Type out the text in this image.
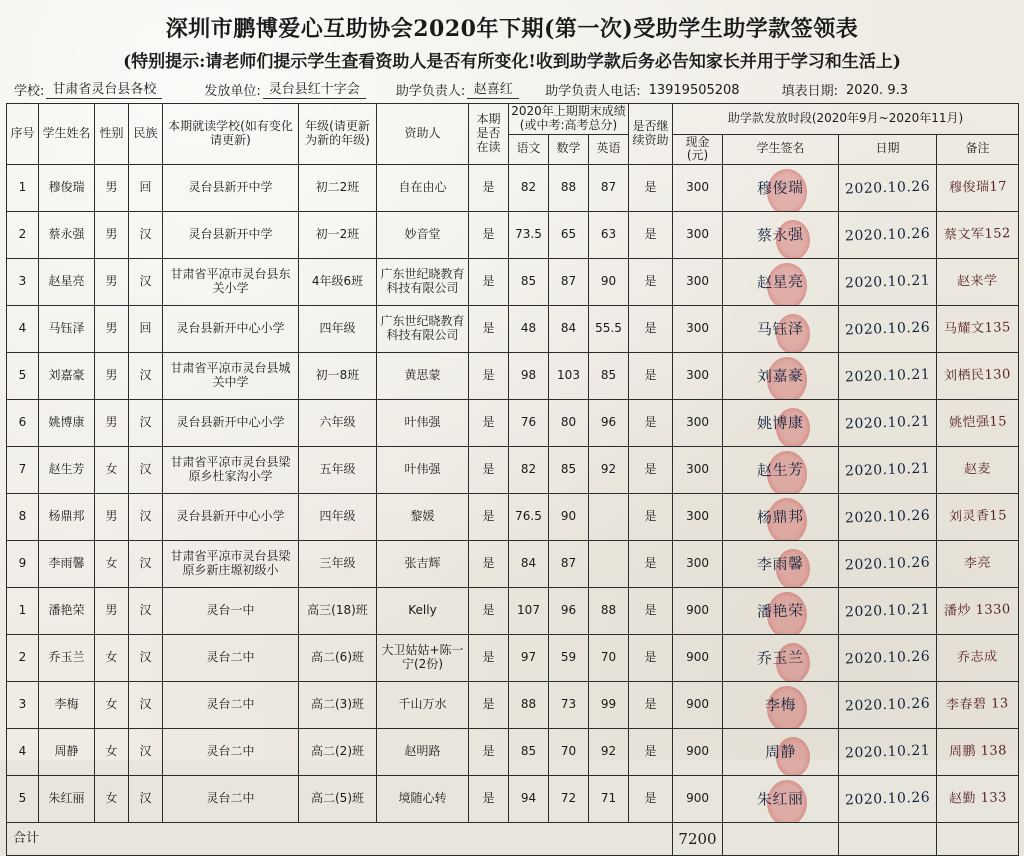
深圳市鹏博爱心互助协会2020年下期(第一次)受助学生助学款签领表
(特别提示:请老师们提示学生查看资助人是否有所变化!收到助学款后务必告知家长并用于学习和生活上)
学校: 甘肃省灵台县各校	发放单位: 灵台县红十字会	助学负责人: 赵喜红	助学负责人电话: 13919505208	填表日期: 2020. 9.3
序号	学生姓名	性别	民族	本期就读学校(如有变化请更新)	年级(请更新为新的年级)	资助人	本期是否在读	2020年上期期末成绩(或中考:高考总分)			是否继续资助	助学款发放时段(2020年9月~2020年11月)			
								语文	数学	英语		现金(元)	学生签名	日期	备注
1	穆俊瑞	男	回	灵台县新开中学	初二2班	自在由心	是	82	88	87	是	300	穆俊瑞	2020.10.26	穆俊瑞17
2	蔡永强	男	汉	灵台县新开中学	初一2班	妙音堂	是	73.5	65	63	是	300	蔡永强	2020.10.26	蔡文军152
3	赵星亮	男	汉	甘肃省平凉市灵台县东关小学	4年级6班	广东世纪晓教育科技有限公司	是	85	87	90	是	300	赵星亮	2020.10.21	赵来学
4	马钰泽	男	回	灵台县新开中心小学	四年级	广东世纪晓教育科技有限公司	是	48	84	55.5	是	300	马钰泽	2020.10.26	马耀文135
5	刘嘉豪	男	汉	甘肃省平凉市灵台县城关中学	初一8班	黄思蒙	是	98	103	85	是	300	刘嘉豪	2020.10.21	刘栖民130
6	姚博康	男	汉	灵台县新开中心小学	六年级	叶伟强	是	76	80	96	是	300	姚博康	2020.10.21	姚恺强15
7	赵生芳	女	汉	甘肃省平凉市灵台县梁原乡杜家沟小学	五年级	叶伟强	是	82	85	92	是	300	赵生芳	2020.10.21	赵麦
8	杨鼎邦	男	汉	灵台县新开中心小学	四年级	黎媛	是	76.5	90		是	300	杨鼎邦	2020.10.26	刘灵香15
9	李雨馨	女	汉	甘肃省平凉市灵台县梁原乡新庄塬初级小	三年级	张吉辉	是	84	87		是	300	李雨馨	2020.10.26	李亮
1	潘艳荣	男	汉	灵台一中	高三(18)班	Kelly	是	107	96	88	是	900	潘艳荣	2020.10.21	潘炒 1330
2	乔玉兰	女	汉	灵台二中	高二(6)班	大卫姑姑+陈一宁(2份)	是	97	59	70	是	900	乔玉兰	2020.10.26	乔志成
3	李梅	女	汉	灵台二中	高二(3)班	千山万水	是	88	73	99	是	900	李梅	2020.10.26	李春碧 13
4	周静	女	汉	灵台二中	高二(2)班	赵明路	是	85	70	92	是	900	周静	2020.10.21	周鹏 138
5	朱红丽	女	汉	灵台二中	高二(5)班	境随心转	是	94	72	71	是	900	朱红丽	2020.10.26	赵勤 133
合计												7200			
